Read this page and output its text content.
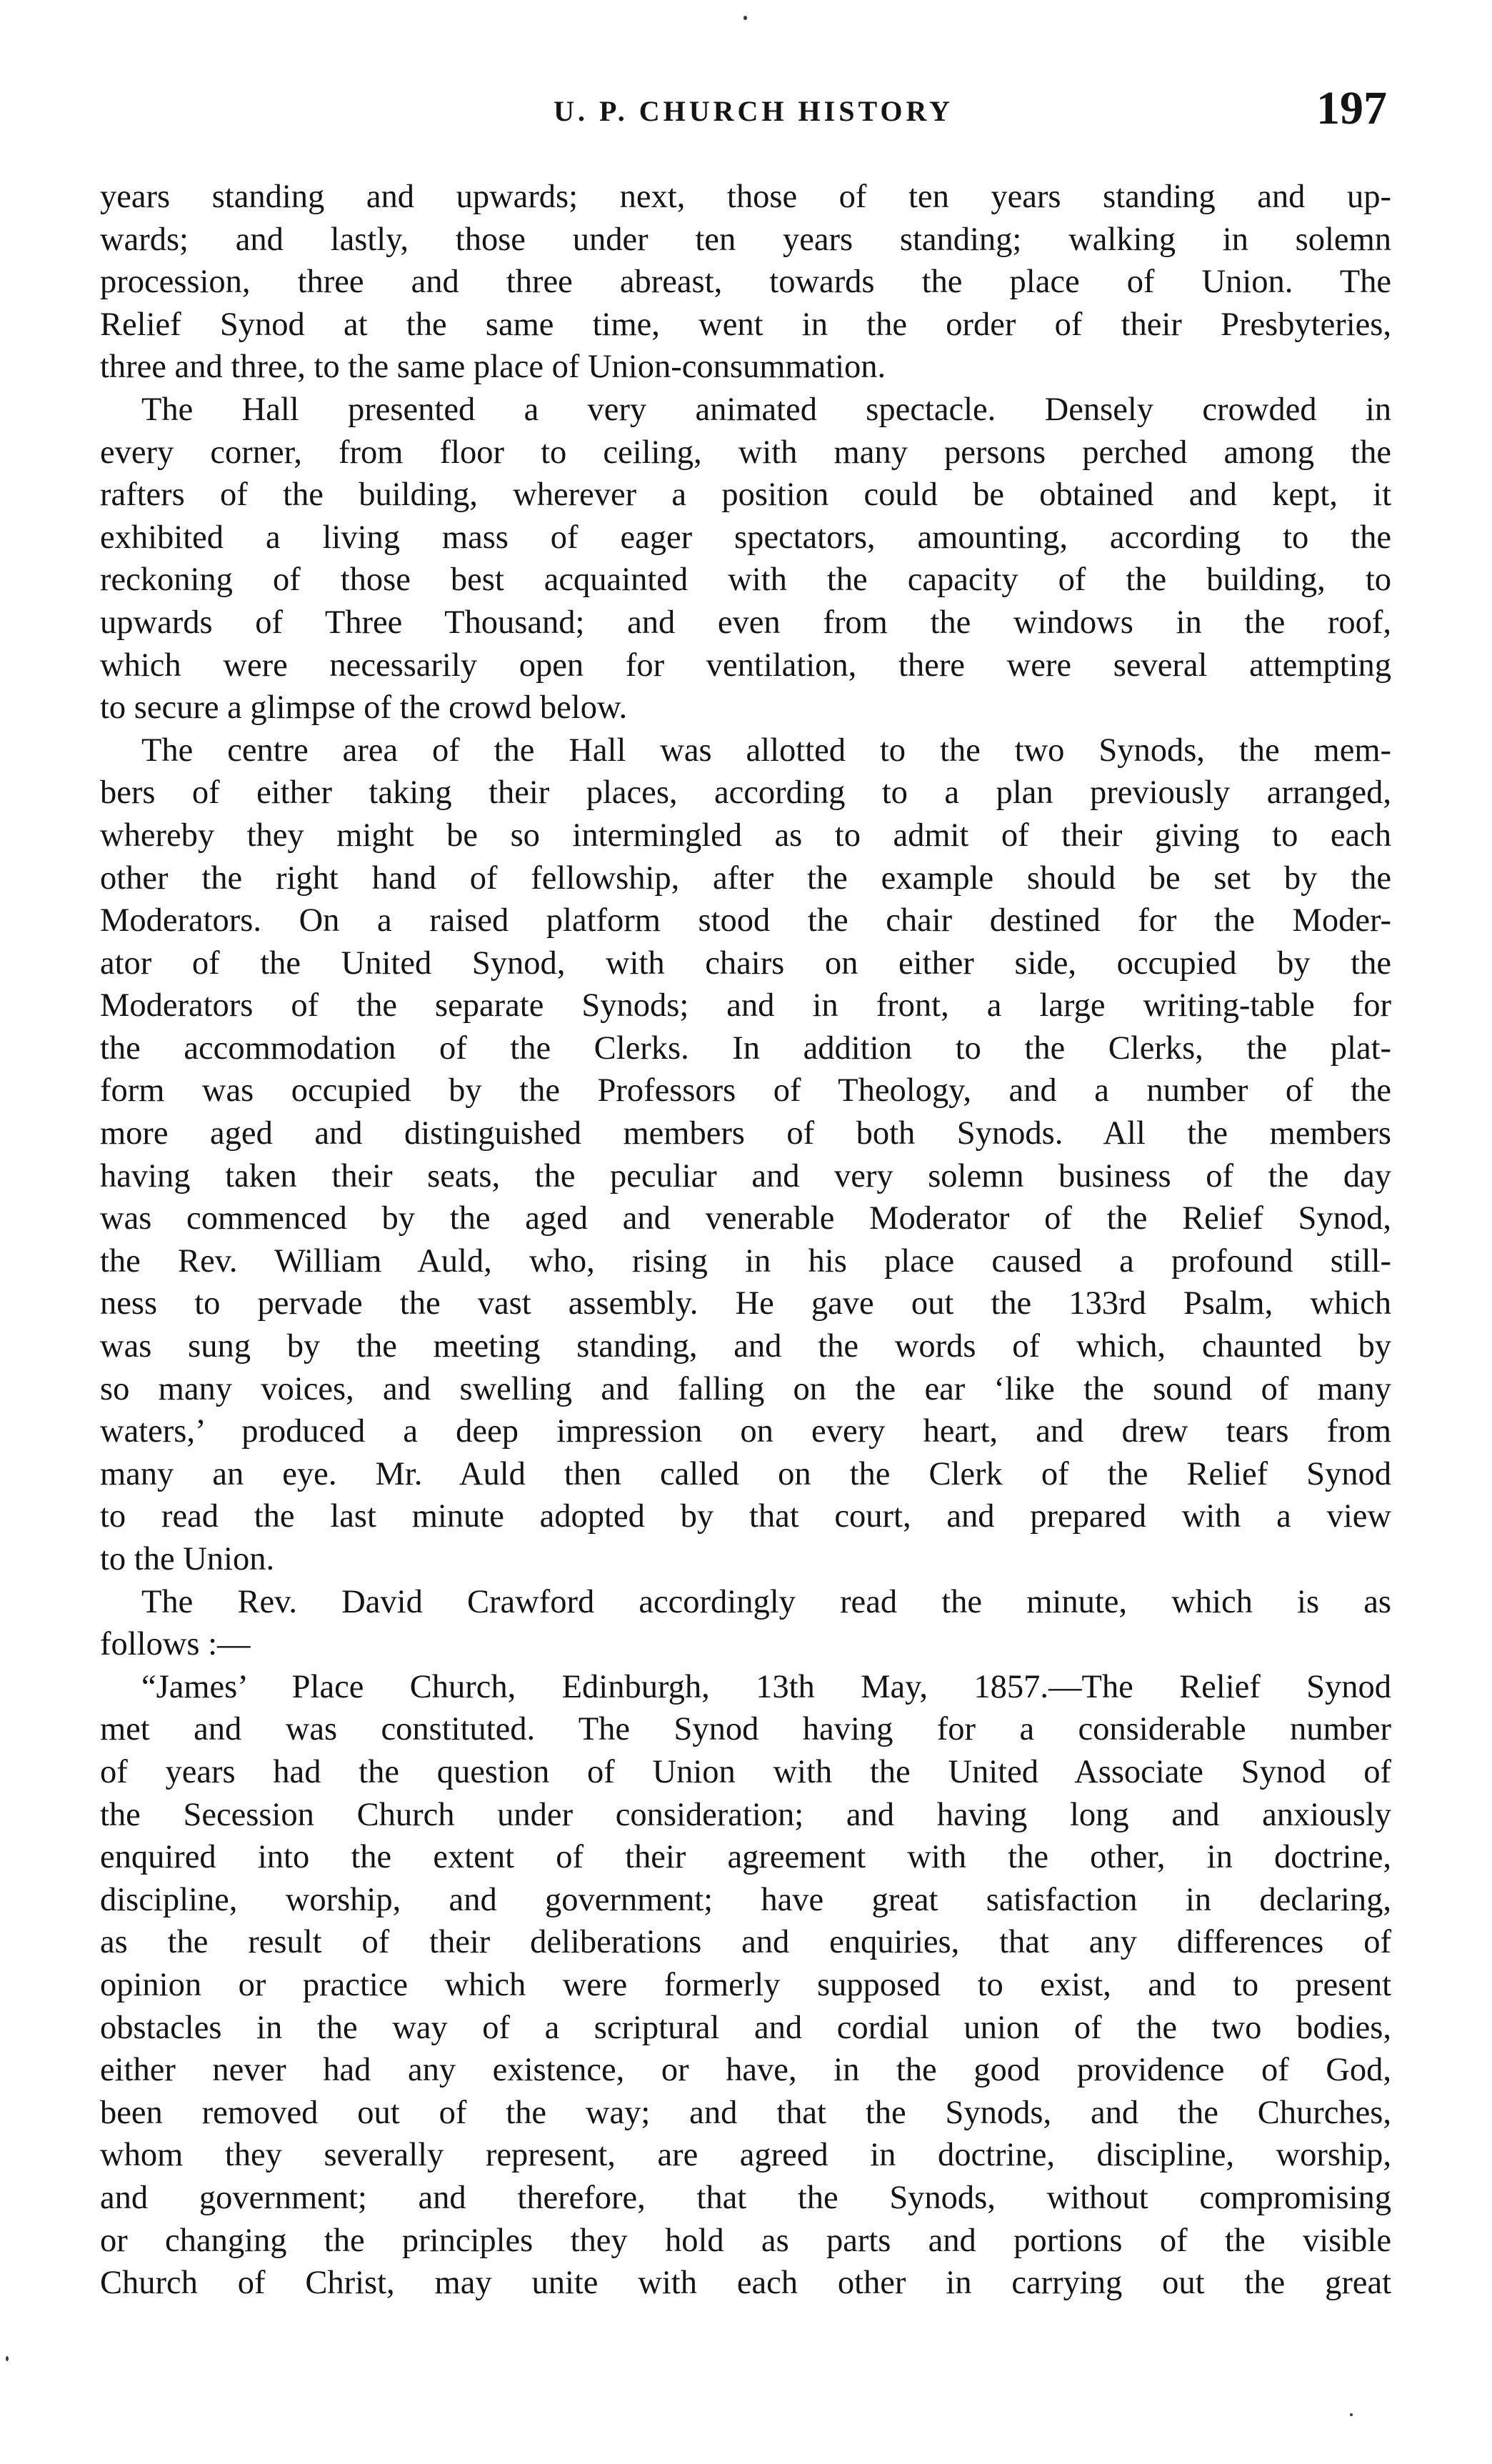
U. P. CHURCH HISTORY	197
years standing and upwards; next, those of ten years standing and up-
wards; and lastly, those under ten years standing; walking in solemn
procession, three and three abreast, towards the place of Union. The
Relief Synod at the same time, went in the order of their Presbyteries,
three and three, to the same place of Union-consummation.
The Hall presented a very animated spectacle. Densely crowded in
every corner, from floor to ceiling, with many persons perched among the
rafters of the building, wherever a position could be obtained and kept, it
exhibited a living mass of eager spectators, amounting, according to the
reckoning of those best acquainted with the capacity of the building, to
upwards of Three Thousand; and even from the windows in the roof,
which were necessarily open for ventilation, there were several attempting
to secure a glimpse of the crowd below.
The centre area of the Hall was allotted to the two Synods, the mem-
bers of either taking their places, according to a plan previously arranged,
whereby they might be so intermingled as to admit of their giving to each
other the right hand of fellowship, after the example should be set by the
Moderators. On a raised platform stood the chair destined for the Moder-
ator of the United Synod, with chairs on either side, occupied by the
Moderators of the separate Synods; and in front, a large writing-table for
the accommodation of the Clerks. In addition to the Clerks, the plat-
form was occupied by the Professors of Theology, and a number of the
more aged and distinguished members of both Synods. All the members
having taken their seats, the peculiar and very solemn business of the day
was commenced by the aged and venerable Moderator of the Relief Synod,
the Rev. William Auld, who, rising in his place caused a profound still-
ness to pervade the vast assembly. He gave out the 133rd Psalm, which
was sung by the meeting standing, and the words of which, chaunted by
so many voices, and swelling and falling on the ear ‘like the sound of many
waters,’ produced a deep impression on every heart, and drew tears from
many an eye. Mr. Auld then called on the Clerk of the Relief Synod
to read the last minute adopted by that court, and prepared with a view
to the Union.
The Rev. David Crawford accordingly read the minute, which is as
follows :—
“James’ Place Church, Edinburgh, 13th May, 1857.—The Relief Synod
met and was constituted. The Synod having for a considerable number
of years had the question of Union with the United Associate Synod of
the Secession Church under consideration; and having long and anxiously
enquired into the extent of their agreement with the other, in doctrine,
discipline, worship, and government; have great satisfaction in declaring,
as the result of their deliberations and enquiries, that any differences of
opinion or practice which were formerly supposed to exist, and to present
obstacles in the way of a scriptural and cordial union of the two bodies,
either never had any existence, or have, in the good providence of God,
been removed out of the way; and that the Synods, and the Churches,
whom they severally represent, are agreed in doctrine, discipline, worship,
and government; and therefore, that the Synods, without compromising
or changing the principles they hold as parts and portions of the visible
Church of Christ, may unite with each other in carrying out the great
